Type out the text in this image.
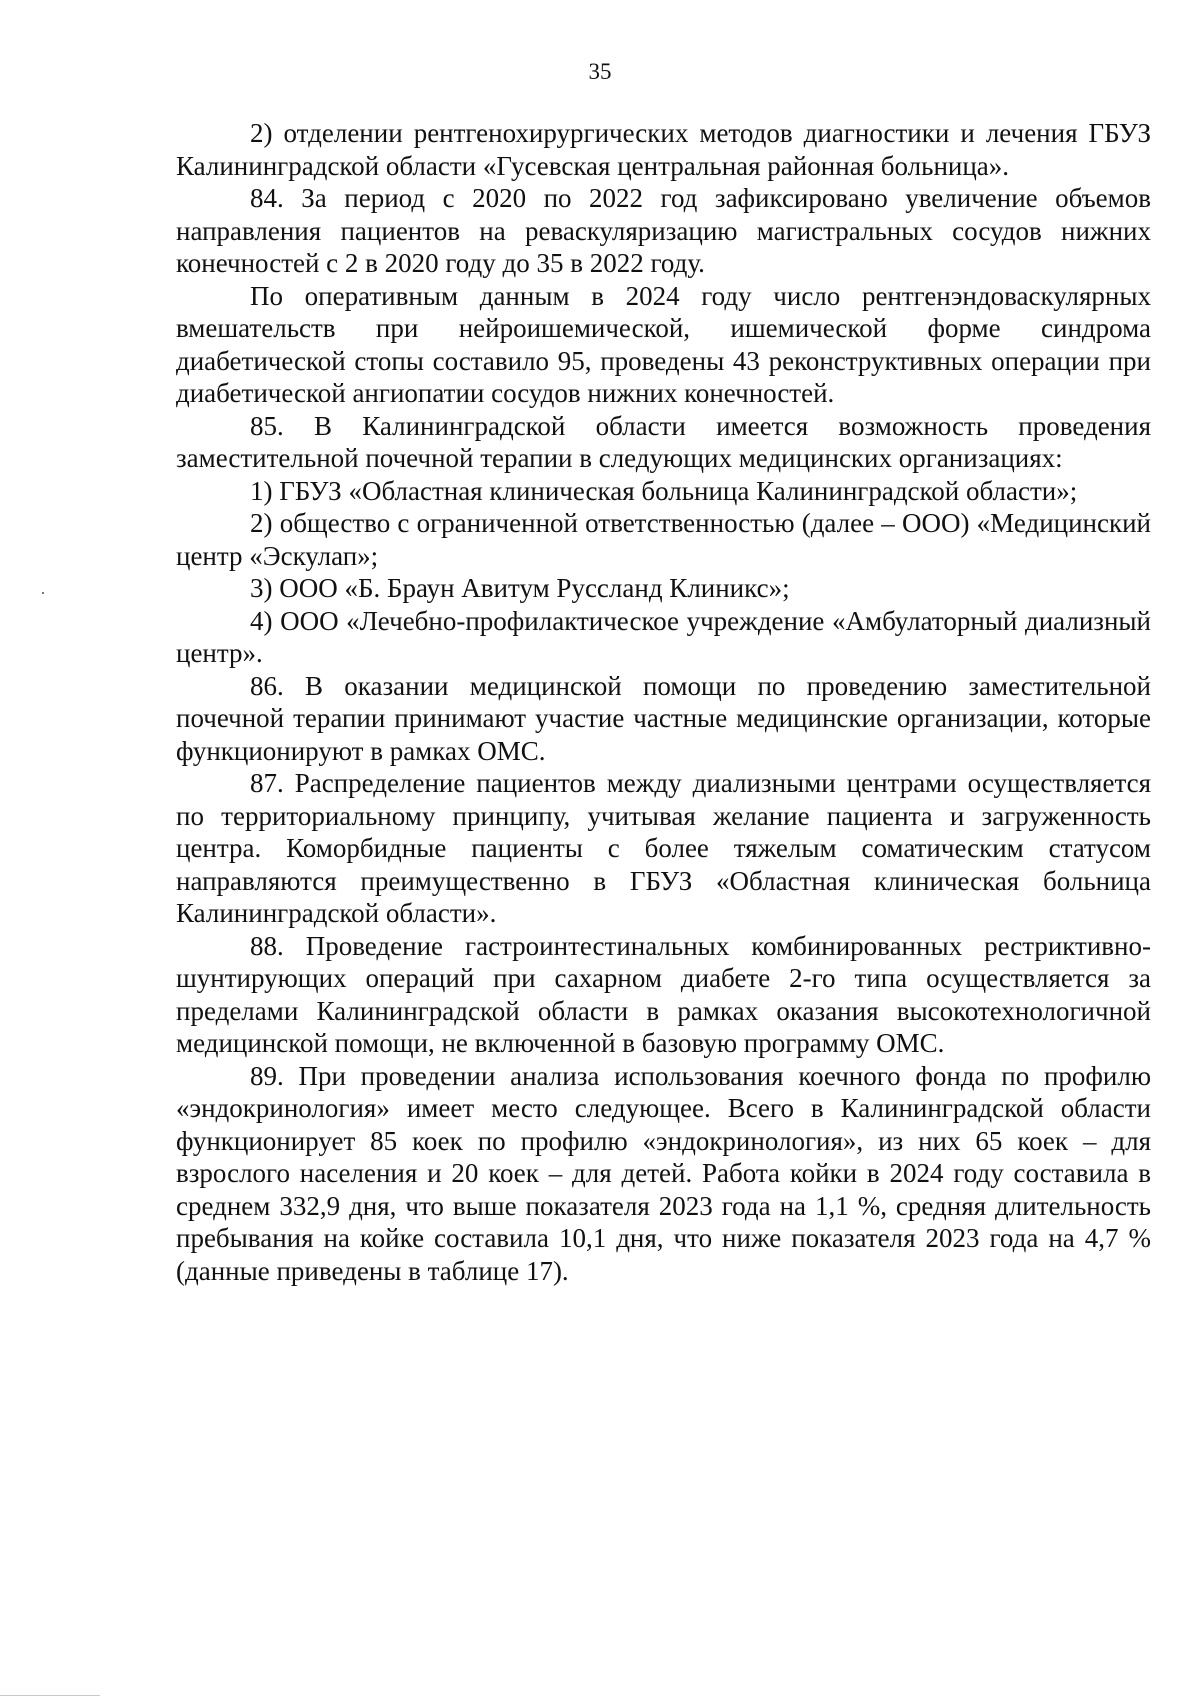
35

2) отделении рентгенохирургических методов диагностики и лечения ГБУЗ Калининградской области «Гусевская центральная районная больница».

84. За период с 2020 по 2022 год зафиксировано увеличение объемов направления пациентов на реваскуляризацию магистральных сосудов нижних конечностей с 2 в 2020 году до 35 в 2022 году.

По оперативным данным в 2024 году число рентгенэндоваскулярных вмешательств при нейроишемической, ишемической форме синдрома диабетической стопы составило 95, проведены 43 реконструктивных операции при диабетической ангиопатии сосудов нижних конечностей.

85. В Калининградской области имеется возможность проведения заместительной почечной терапии в следующих медицинских организациях:

1) ГБУЗ «Областная клиническая больница Калининградской области»;

2) общество с ограниченной ответственностью (далее – ООО) «Медицинский центр «Эскулап»;

3) ООО «Б. Браун Авитум Руссланд Клиникс»;

4) ООО «Лечебно-профилактическое учреждение «Амбулаторный диализный центр».

86. В оказании медицинской помощи по проведению заместительной почечной терапии принимают участие частные медицинские организации, которые функционируют в рамках ОМС.

87. Распределение пациентов между диализными центрами осуществляется по территориальному принципу, учитывая желание пациента и загруженность центра. Коморбидные пациенты с более тяжелым соматическим статусом направляются преимущественно в ГБУЗ «Областная клиническая больница Калининградской области».

88. Проведение гастроинтестинальных комбинированных рестриктивно-шунтирующих операций при сахарном диабете 2-го типа осуществляется за пределами Калининградской области в рамках оказания высокотехнологичной медицинской помощи, не включенной в базовую программу ОМС.

89. При проведении анализа использования коечного фонда по профилю «эндокринология» имеет место следующее. Всего в Калининградской области функционирует 85 коек по профилю «эндокринология», из них 65 коек – для взрослого населения и 20 коек – для детей. Работа койки в 2024 году составила в среднем 332,9 дня, что выше показателя 2023 года на 1,1 %, средняя длительность пребывания на койке составила 10,1 дня, что ниже показателя 2023 года на 4,7 % (данные приведены в таблице 17).
